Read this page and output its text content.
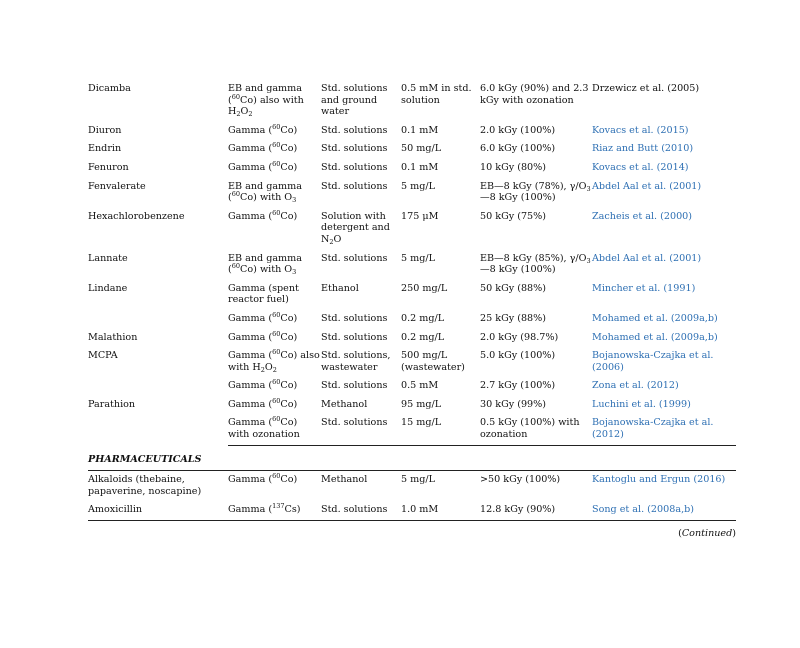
Dicamba	EB and gamma ($^{60}$Co) also with $H_2O_2$	Std. solutions and ground water	0.5 mM in std. solution	6.0 kGy (90%) and 2.3 kGy with ozonation	Drzewicz et al. (2005)
Diuron	Gamma ($^{60}$Co)	Std. solutions	0.1 mM	2.0 kGy (100%)	Kovacs et al. (2015)
Endrin	Gamma ($^{60}$Co)	Std. solutions	50 mg/L	6.0 kGy (100%)	Riaz and Butt (2010)
Fenuron	Gamma ($^{60}$Co)	Std. solutions	0.1 mM	10 kGy (80%)	Kovacs et al. (2014)
Fenvalerate	EB and gamma ($^{60}$Co) with $O_3$	Std. solutions	5 mg/L	EB—8 kGy (78%), $\gamma/O_3—8$ kGy (100%)	Abdel Aal et al. (2001)
Hexachlorobenzene	Gamma ($^{60}$Co)	Solution with detergent and $N_2O$	175 μM	50 kGy (75%)	Zacheis et al. (2000)
Lannate	EB and gamma ($^{60}$Co) with $O_3$	Std. solutions	5 mg/L	EB—8 kGy (85%), $\gamma/O_3—8$ kGy (100%)	Abdel Aal et al. (2001)
Lindane	Gamma (spent reactor fuel)	Ethanol	250 mg/L	50 kGy (88%)	Mincher et al. (1991)
	Gamma ($^{60}$Co)	Std. solutions	0.2 mg/L	25 kGy (88%)	Mohamed et al. (2009a,b)
Malathion	Gamma ($^{60}$Co)	Std. solutions	0.2 mg/L	2.0 kGy (98.7%)	Mohamed et al. (2009a,b)
MCPA	Gamma ($^{60}$Co) also with $H_2O_2$	Std. solutions, wastewater	500 mg/L (wastewater)	5.0 kGy (100%)	Bojanowska-Czajka et al. (2006)
	Gamma ($^{60}$Co)	Std. solutions	0.5 mM	2.7 kGy (100%)	Zona et al. (2012)
Parathion	Gamma ($^{60}$Co)	Methanol	95 mg/L	30 kGy (99%)	Luchini et al. (1999)
	Gamma ($^{60}$Co) with ozonation	Std. solutions	15 mg/L	0.5 kGy (100%) with ozonation	Bojanowska-Czajka et al. (2012)

PHARMACEUTICALS					

Alkaloids (thebaine, papaverine, noscapine)	Gamma ($^{60}$Co)	Methanol	5 mg/L	>50 kGy (100%)	Kantoglu and Ergun (2016)
Amoxicillin	Gamma ($^{137}$Cs)	Std. solutions	1.0 mM	12.8 kGy (90%)	Song et al. (2008a,b)
(Continued)
